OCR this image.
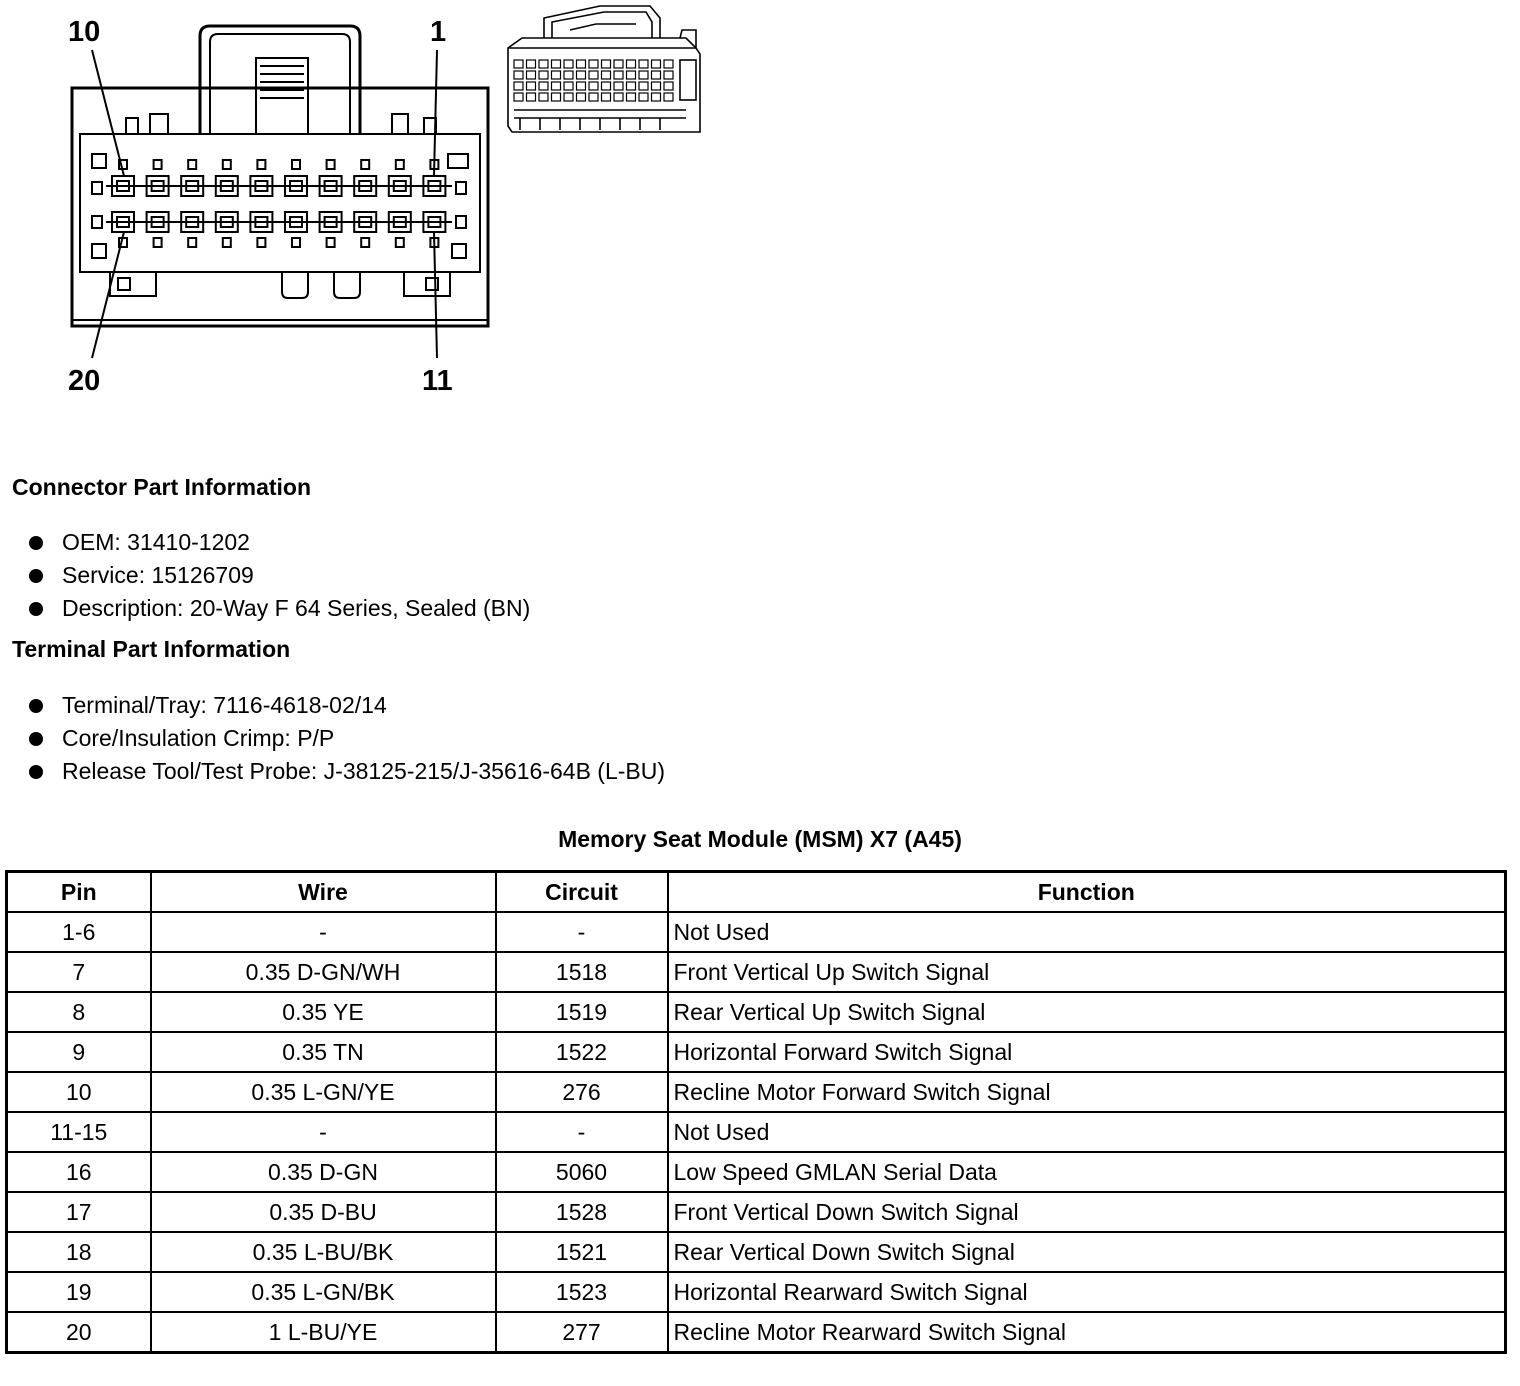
10	1
20	11
Connector Part Information
OEM: 31410-1202
Service: 15126709
Description: 20-Way F 64 Series, Sealed (BN)
Terminal Part Information
Terminal/Tray: 7116-4618-02/14
Core/Insulation Crimp: P/P
Release Tool/Test Probe: J-38125-215/J-35616-64B (L-BU)
Memory Seat Module (MSM) X7 (A45)
Pin	Wire	Circuit	Function
1-6	-	-	Not Used
7	0.35 D-GN/WH	1518	Front Vertical Up Switch Signal
8	0.35 YE	1519	Rear Vertical Up Switch Signal
9	0.35 TN	1522	Horizontal Forward Switch Signal
10	0.35 L-GN/YE	276	Recline Motor Forward Switch Signal
11-15	-	-	Not Used
16	0.35 D-GN	5060	Low Speed GMLAN Serial Data
17	0.35 D-BU	1528	Front Vertical Down Switch Signal
18	0.35 L-BU/BK	1521	Rear Vertical Down Switch Signal
19	0.35 L-GN/BK	1523	Horizontal Rearward Switch Signal
20	1 L-BU/YE	277	Recline Motor Rearward Switch Signal
